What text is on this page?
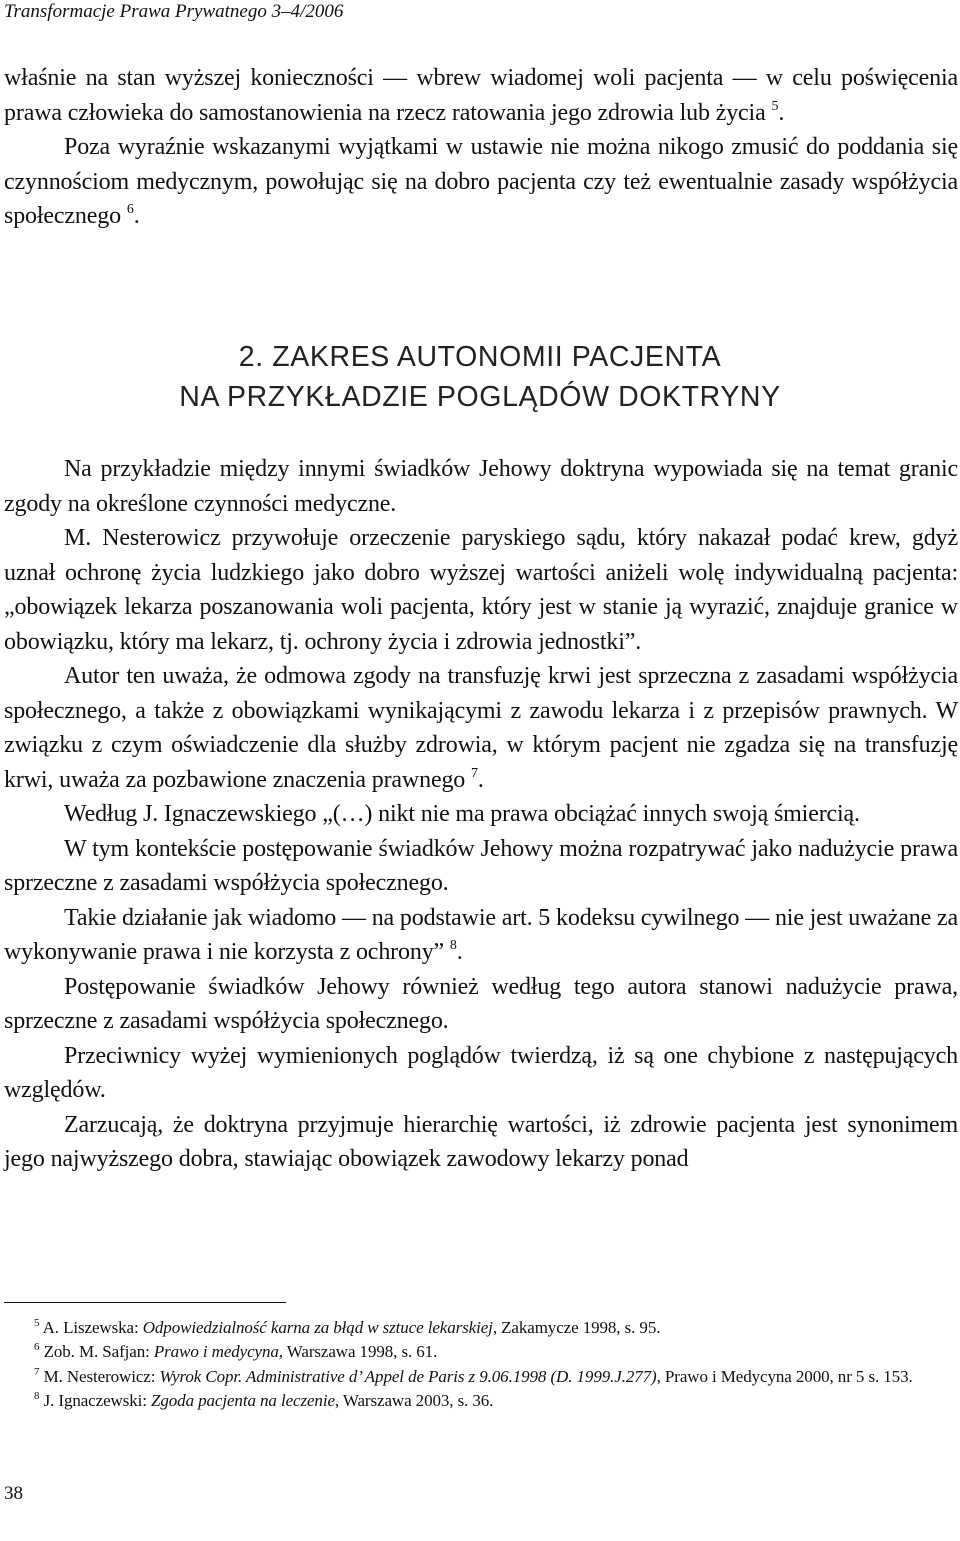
Transformacje Prawa Prywatnego 3–4/2006

właśnie na stan wyższej konieczności — wbrew wiadomej woli pacjenta — w celu poświęcenia prawa człowieka do samostanowienia na rzecz ratowania jego zdrowia lub życia $^5$.

Poza wyraźnie wskazanymi wyjątkami w ustawie nie można nikogo zmusić do poddania się czynnościom medycznym, powołując się na dobro pacjenta czy też ewentualnie zasady współżycia społecznego $^6$.

2. ZAKRES AUTONOMII PACJENTA
NA PRZYKŁADZIE POGLĄDÓW DOKTRYNY

Na przykładzie między innymi świadków Jehowy doktryna wypowiada się na temat granic zgody na określone czynności medyczne.

M. Nesterowicz przywołuje orzeczenie paryskiego sądu, który nakazał podać krew, gdyż uznał ochronę życia ludzkiego jako dobro wyższej wartości aniżeli wolę indywidualną pacjenta: „obowiązek lekarza poszanowania woli pacjenta, który jest w stanie ją wyrazić, znajduje granice w obowiązku, który ma lekarz, tj. ochrony życia i zdrowia jednostki”.

Autor ten uważa, że odmowa zgody na transfuzję krwi jest sprzeczna z zasadami współżycia społecznego, a także z obowiązkami wynikającymi z zawodu lekarza i z przepisów prawnych. W związku z czym oświadczenie dla służby zdrowia, w którym pacjent nie zgadza się na transfuzję krwi, uważa za pozbawione znaczenia prawnego $^7$.

Według J. Ignaczewskiego „(…) nikt nie ma prawa obciążać innych swoją śmiercią.

W tym kontekście postępowanie świadków Jehowy można rozpatrywać jako nadużycie prawa sprzeczne z zasadami współżycia społecznego.

Takie działanie jak wiadomo — na podstawie art. 5 kodeksu cywilnego — nie jest uważane za wykonywanie prawa i nie korzysta z ochrony” $^8$.

Postępowanie świadków Jehowy również według tego autora stanowi nadużycie prawa, sprzeczne z zasadami współżycia społecznego.

Przeciwnicy wyżej wymienionych poglądów twierdzą, iż są one chybione z następujących względów.

Zarzucają, że doktryna przyjmuje hierarchię wartości, iż zdrowie pacjenta jest synonimem jego najwyższego dobra, stawiając obowiązek zawodowy lekarzy ponad

$^5$ A. Liszewska: Odpowiedzialność karna za błąd w sztuce lekarskiej, Zakamycze 1998, s. 95.

$^6$ Zob. M. Safjan: Prawo i medycyna, Warszawa 1998, s. 61.

$^7$ M. Nesterowicz: Wyrok Copr. Administrative d’ Appel de Paris z 9.06.1998 (D. 1999.J.277), Prawo i Medycyna 2000, nr 5 s. 153.

$^8$ J. Ignaczewski: Zgoda pacjenta na leczenie, Warszawa 2003, s. 36.

38
